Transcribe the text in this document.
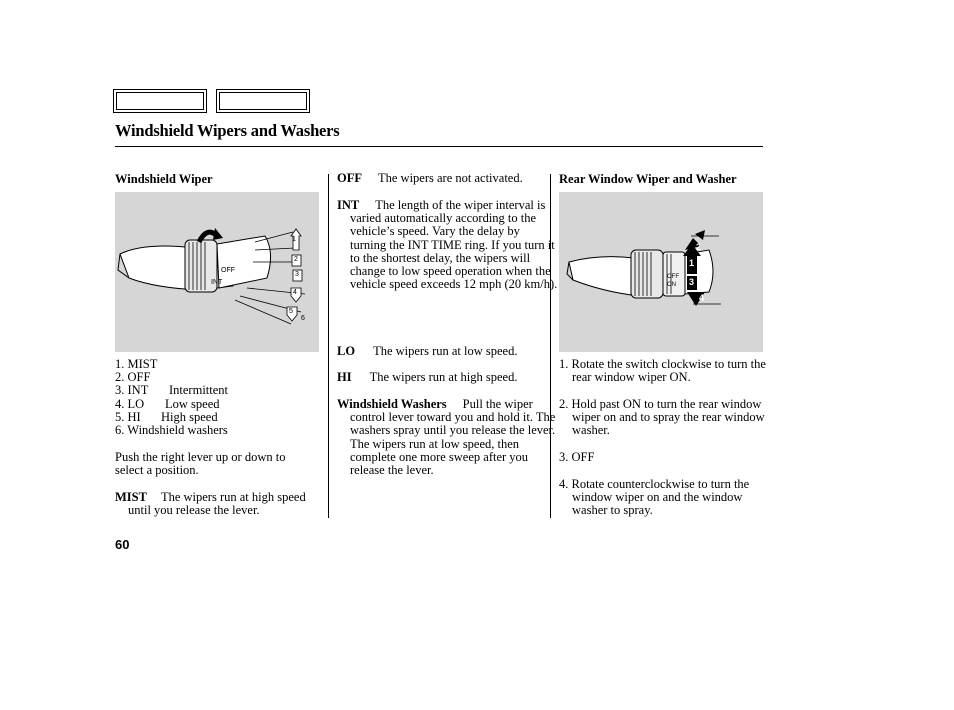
Windshield Wipers and Washers
Windshield Wiper
OFF
INT
1
2
3
4
5
6
1. MIST
2. OFF
3. INT Intermittent
4. LO Low speed
5. HI High speed
6. Windshield washers
Push the right lever up or down to select a position.
MIST The wipers run at high speed until you release the lever.
OFF The wipers are not activated.
INT The length of the wiper interval is varied automatically according to the vehicle’s speed. Vary the delay by turning the INT TIME ring. If you turn it to the shortest delay, the wipers will change to low speed operation when the vehicle speed exceeds 12 mph (20 km/h).
LO The wipers run at low speed.
HI The wipers run at high speed.
Windshield Washers Pull the wiper control lever toward you and hold it. The washers spray until you release the lever. The wipers run at low speed, then complete one more sweep after you release the lever.
Rear Window Wiper and Washer
OFF
ON
2
1
3
4
1. Rotate the switch clockwise to turn the rear window wiper ON.
2. Hold past ON to turn the rear window wiper on and to spray the rear window washer.
3. OFF
4. Rotate counterclockwise to turn the window wiper on and the window washer to spray.
60
